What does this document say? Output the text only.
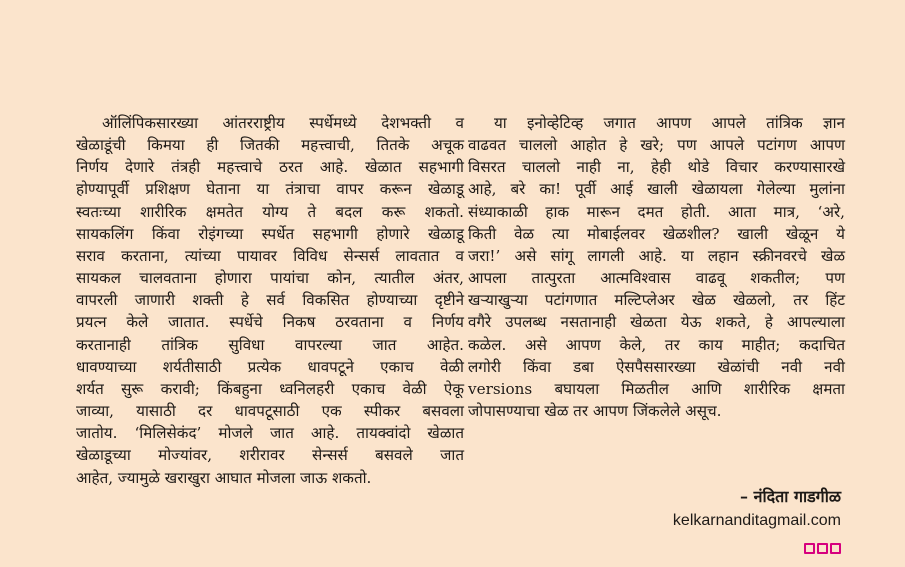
ऑलिंपिकसारख्या आंतरराष्ट्रीय स्पर्धेमध्ये देशभक्ती व
खेळाडूंची किमया ही जितकी महत्त्वाची, तितके अचूक
निर्णय देणारे तंत्रही महत्त्वाचे ठरत आहे. खेळात सहभागी
होण्यापूर्वी प्रशिक्षण घेताना या तंत्राचा वापर करून खेळाडू
स्वतःच्या शारीरिक क्षमतेत योग्य ते बदल करू शकतो.
सायकलिंग किंवा रोइंगच्या स्पर्धेत सहभागी होणारे खेळाडू
सराव करताना, त्यांच्या पायावर विविध सेन्सर्स लावतात व
सायकल चालवताना होणारा पायांचा कोन, त्यातील अंतर,
वापरली जाणारी शक्ती हे सर्व विकसित होण्याच्या दृष्टीने
प्रयत्न केले जातात. स्पर्धेचे निकष ठरवताना व निर्णय
करतानाही तांत्रिक सुविधा वापरल्या जात आहेत.
धावण्याच्या शर्यतीसाठी प्रत्येक धावपटूने एकाच वेळी
शर्यत सुरू करावी; किंबहुना ध्वनिलहरी एकाच वेळी ऐकू
जाव्या, यासाठी दर धावपटूसाठी एक स्पीकर बसवला
जातोय. ‘मिलिसेकंद’ मोजले जात आहे. तायक्वांदो खेळात
खेळाडूच्या मोज्यांवर, शरीरावर सेन्सर्स बसवले जात
आहेत, ज्यामुळे खराखुरा आघात मोजला जाऊ शकतो.
या इनोव्हेटिव्ह जगात आपण आपले तांत्रिक ज्ञान
वाढवत चाललो आहोत हे खरे; पण आपले पटांगण आपण
विसरत चाललो नाही ना, हेही थोडे विचार करण्यासारखे
आहे, बरे का! पूर्वी आई खाली खेळायला गेलेल्या मुलांना
संध्याकाळी हाक मारून दमत होती. आता मात्र, ‘अरे,
किती वेळ त्या मोबाईलवर खेळशील? खाली खेळून ये
जरा!’ असे सांगू लागली आहे. या लहान स्क्रीनवरचे खेळ
आपला तात्पुरता आत्मविश्वास वाढवू शकतील; पण
खऱ्याखुऱ्या पटांगणात मल्टिप्लेअर खेळ खेळलो, तर हिंट
वगैरे उपलब्ध नसतानाही खेळता येऊ शकते, हे आपल्याला
कळेल. असे आपण केले, तर काय माहीत; कदाचित
लगोरी किंवा डबा ऐसपैससारख्या खेळांची नवी नवी
versions बघायला मिळतील आणि शारीरिक क्षमता
जोपासण्याचा खेळ तर आपण जिंकलेले असूच.
– नंदिता गाडगीळ
kelkarnanditagmail.com
